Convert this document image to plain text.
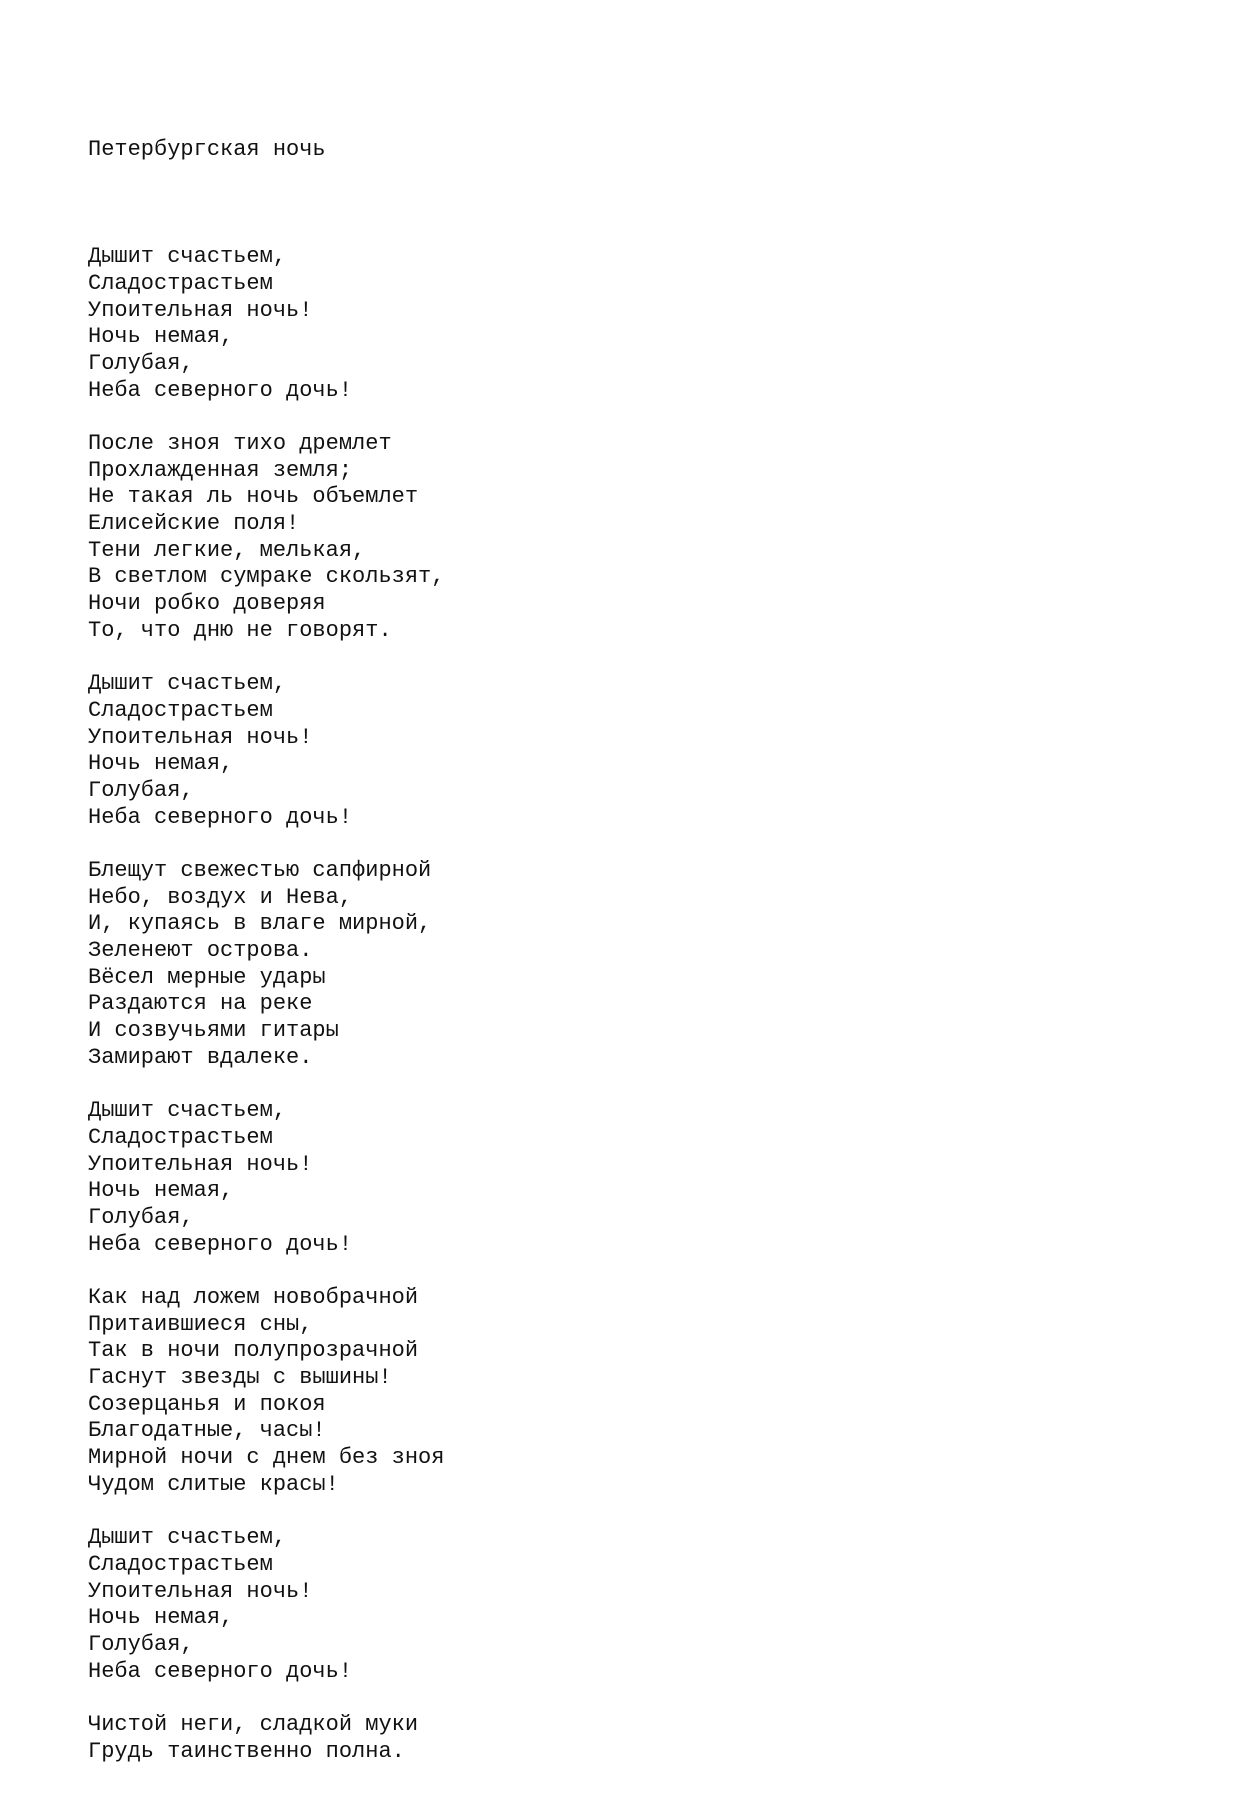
Петербургская ночь

Дышит счастьем,
Сладострастьем
Упоительная ночь!
Ночь немая,
Голубая,
Неба северного дочь!
После зноя тихо дремлет
Прохлажденная земля;
Не такая ль ночь объемлет
Елисейские поля!
Тени легкие, мелькая,
В светлом сумраке скользят,
Ночи робко доверяя
То, что дню не говорят.
Дышит счастьем,
Сладострастьем
Упоительная ночь!
Ночь немая,
Голубая,
Неба северного дочь!
Блещут свежестью сапфирной
Небо, воздух и Нева,
И, купаясь в влаге мирной,
Зеленеют острова.
Вёсел мерные удары
Раздаются на реке
И созвучьями гитары
Замирают вдалеке.
Дышит счастьем,
Сладострастьем
Упоительная ночь!
Ночь немая,
Голубая,
Неба северного дочь!
Как над ложем новобрачной
Притаившиеся сны,
Так в ночи полупрозрачной
Гаснут звезды с вышины!
Созерцанья и покоя
Благодатные, часы!
Мирной ночи с днем без зноя
Чудом слитые красы!
Дышит счастьем,
Сладострастьем
Упоительная ночь!
Ночь немая,
Голубая,
Неба северного дочь!
Чистой неги, сладкой муки
Грудь таинственно полна.
